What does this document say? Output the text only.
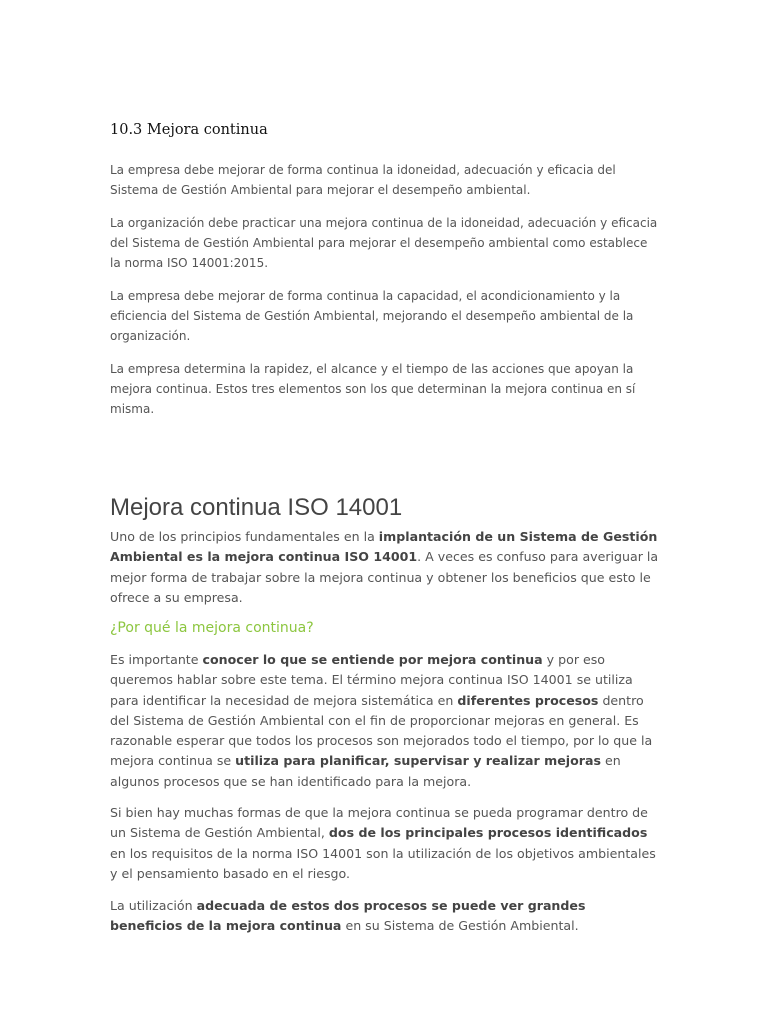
10.3 Mejora continua

La empresa debe mejorar de forma continua la idoneidad, adecuación y eficacia del Sistema de Gestión Ambiental para mejorar el desempeño ambiental.

La organización debe practicar una mejora continua de la idoneidad, adecuación y eficacia del Sistema de Gestión Ambiental para mejorar el desempeño ambiental como establece la norma ISO 14001:2015.

La empresa debe mejorar de forma continua la capacidad, el acondicionamiento y la eficiencia del Sistema de Gestión Ambiental, mejorando el desempeño ambiental de la organización.

La empresa determina la rapidez, el alcance y el tiempo de las acciones que apoyan la mejora continua. Estos tres elementos son los que determinan la mejora continua en sí misma.

Mejora continua ISO 14001

Uno de los principios fundamentales en la implantación de un Sistema de Gestión Ambiental es la mejora continua ISO 14001. A veces es confuso para averiguar la mejor forma de trabajar sobre la mejora continua y obtener los beneficios que esto le ofrece a su empresa.

¿Por qué la mejora continua?

Es importante conocer lo que se entiende por mejora continua y por eso queremos hablar sobre este tema. El término mejora continua ISO 14001 se utiliza para identificar la necesidad de mejora sistemática en diferentes procesos dentro del Sistema de Gestión Ambiental con el fin de proporcionar mejoras en general. Es razonable esperar que todos los procesos son mejorados todo el tiempo, por lo que la mejora continua se utiliza para planificar, supervisar y realizar mejoras en algunos procesos que se han identificado para la mejora.

Si bien hay muchas formas de que la mejora continua se pueda programar dentro de un Sistema de Gestión Ambiental, dos de los principales procesos identificados en los requisitos de la norma ISO 14001 son la utilización de los objetivos ambientales y el pensamiento basado en el riesgo.

La utilización adecuada de estos dos procesos se puede ver grandes beneficios de la mejora continua en su Sistema de Gestión Ambiental.
